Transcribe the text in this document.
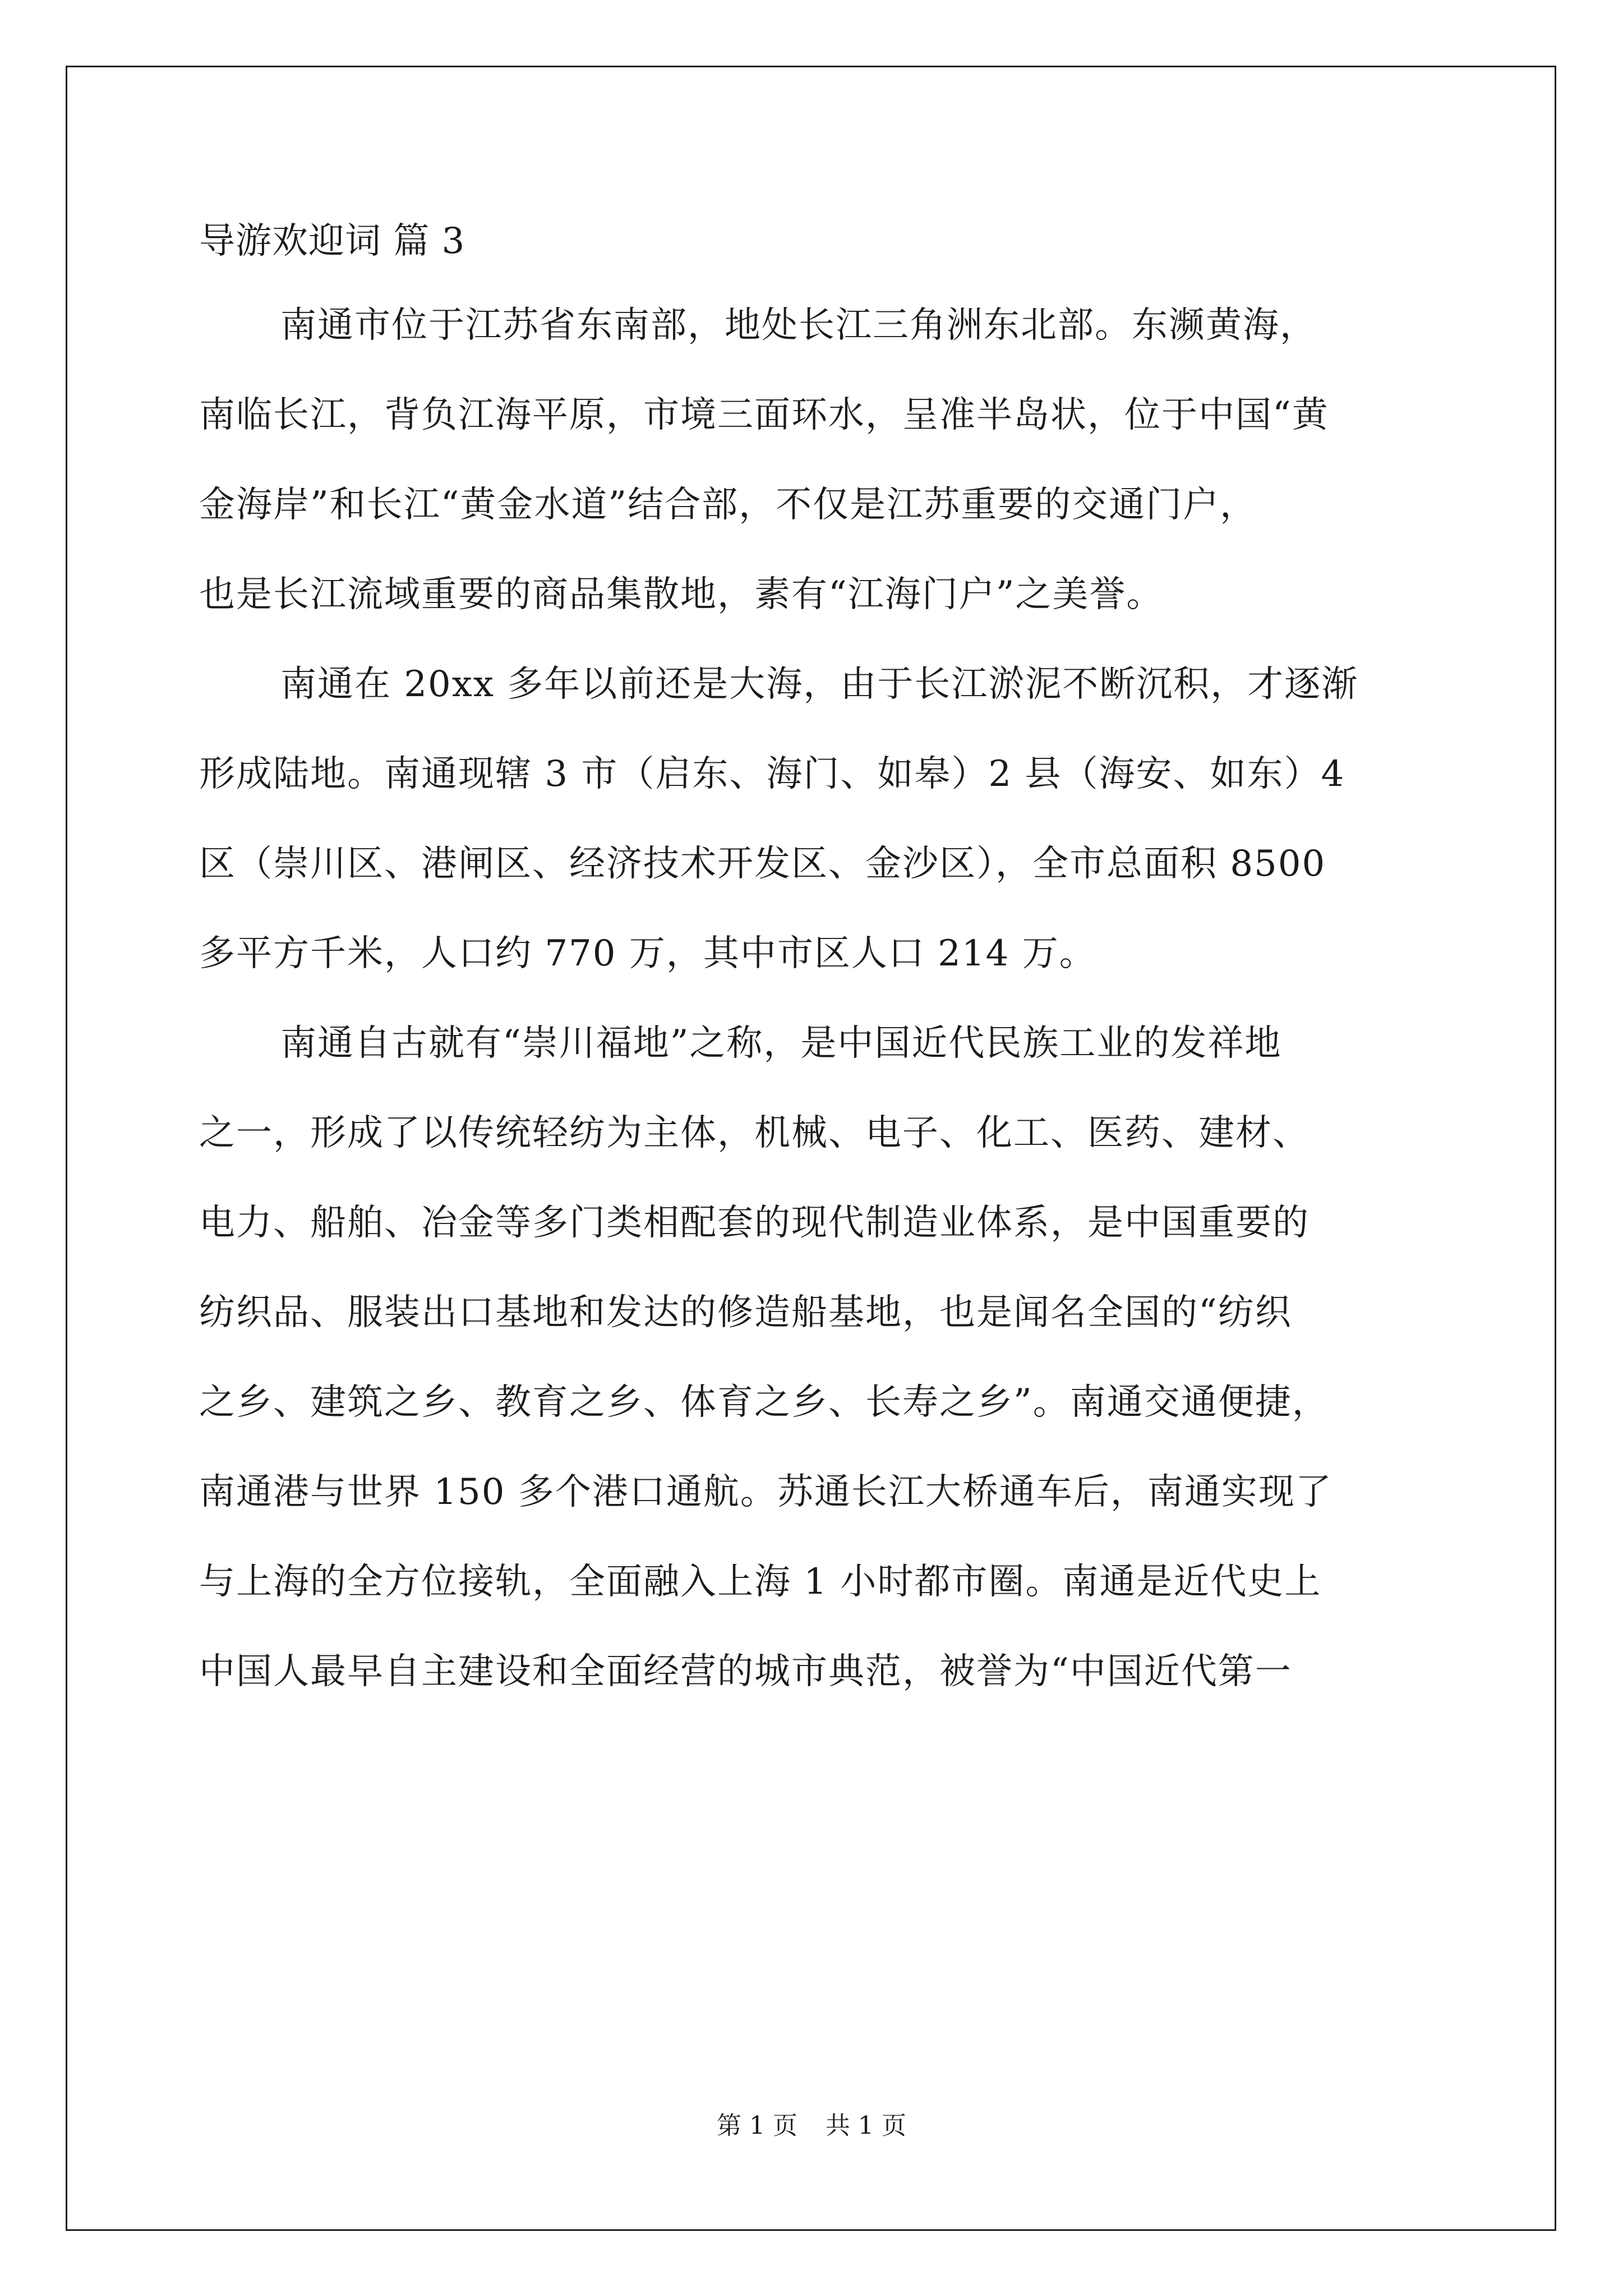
导游欢迎词 篇 3
南通市位于江苏省东南部，地处长江三角洲东北部。东濒黄海，
南临长江，背负江海平原，市境三面环水，呈准半岛状，位于中国“黄
金海岸”和长江“黄金水道”结合部，不仅是江苏重要的交通门户，
也是长江流域重要的商品集散地，素有“江海门户”之美誉。
南通在 20xx 多年以前还是大海，由于长江淤泥不断沉积，才逐渐
形成陆地。南通现辖 3 市（启东、海门、如皋）2 县（海安、如东）4
区（崇川区、港闸区、经济技术开发区、金沙区），全市总面积 8500
多平方千米，人口约 770 万，其中市区人口 214 万。
南通自古就有“崇川福地”之称，是中国近代民族工业的发祥地
之一，形成了以传统轻纺为主体，机械、电子、化工、医药、建材、
电力、船舶、冶金等多门类相配套的现代制造业体系，是中国重要的
纺织品、服装出口基地和发达的修造船基地，也是闻名全国的“纺织
之乡、建筑之乡、教育之乡、体育之乡、长寿之乡”。南通交通便捷，
南通港与世界 150 多个港口通航。苏通长江大桥通车后，南通实现了
与上海的全方位接轨，全面融入上海 1 小时都市圈。南通是近代史上
中国人最早自主建设和全面经营的城市典范，被誉为“中国近代第一
第 1 页 共 1 页
